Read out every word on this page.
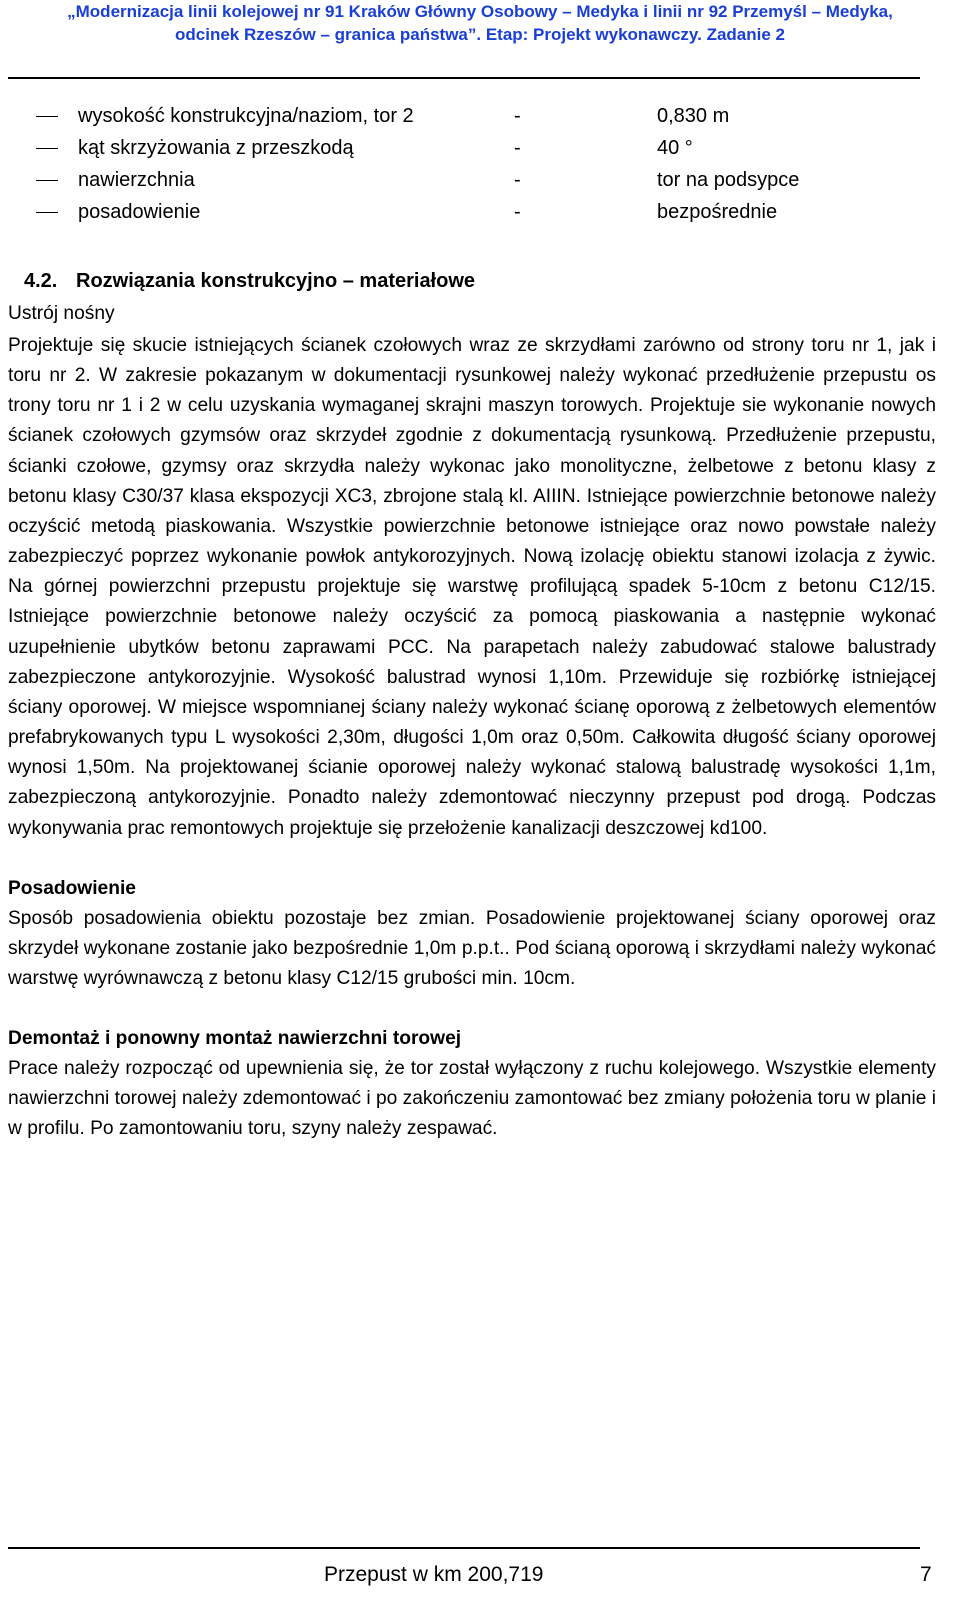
„Modernizacja linii kolejowej nr 91 Kraków Główny Osobowy – Medyka i linii nr 92 Przemyśl – Medyka,
odcinek Rzeszów – granica państwa”. Etap: Projekt wykonawczy. Zadanie 2
wysokość konstrukcyjna/naziom, tor 2	-	0,830 m
kąt skrzyżowania z przeszkodą	-	40 °
nawierzchnia	-	tor na podsypce
posadowienie	-	bezpośrednie
4.2. Rozwiązania konstrukcyjno – materiałowe

Ustrój nośny

Projektuje się skucie istniejących ścianek czołowych wraz ze skrzydłami zarówno od strony toru nr 1, jak i toru nr 2. W zakresie pokazanym w dokumentacji rysunkowej należy wykonać przedłużenie przepustu os trony toru nr 1 i 2 w celu uzyskania wymaganej skrajni maszyn torowych. Projektuje sie wykonanie nowych ścianek czołowych gzymsów oraz skrzydeł zgodnie z dokumentacją rysunkową. Przedłużenie przepustu, ścianki czołowe, gzymsy oraz skrzydła należy wykonac jako monolityczne, żelbetowe z betonu klasy z betonu klasy C30/37 klasa ekspozycji XC3, zbrojone stalą kl. AIIIN. Istniejące powierzchnie betonowe należy oczyścić metodą piaskowania. Wszystkie powierzchnie betonowe istniejące oraz nowo powstałe należy zabezpieczyć poprzez wykonanie powłok antykorozyjnych. Nową izolację obiektu stanowi izolacja z żywic. Na górnej powierzchni przepustu projektuje się warstwę profilującą spadek 5-10cm z betonu C12/15. Istniejące powierzchnie betonowe należy oczyścić za pomocą piaskowania a następnie wykonać uzupełnienie ubytków betonu zaprawami PCC. Na parapetach należy zabudować stalowe balustrady zabezpieczone antykorozyjnie. Wysokość balustrad wynosi 1,10m. Przewiduje się rozbiórkę istniejącej ściany oporowej. W miejsce wspomnianej ściany należy wykonać ścianę oporową z żelbetowych elementów prefabrykowanych typu L wysokości 2,30m, długości 1,0m oraz 0,50m. Całkowita długość ściany oporowej wynosi 1,50m. Na projektowanej ścianie oporowej należy wykonać stalową balustradę wysokości 1,1m, zabezpieczoną antykorozyjnie. Ponadto należy zdemontować nieczynny przepust pod drogą. Podczas wykonywania prac remontowych projektuje się przełożenie kanalizacji deszczowej kd100.

Posadowienie

Sposób posadowienia obiektu pozostaje bez zmian. Posadowienie projektowanej ściany oporowej oraz skrzydeł wykonane zostanie jako bezpośrednie 1,0m p.p.t.. Pod ścianą oporową i skrzydłami należy wykonać warstwę wyrównawczą z betonu klasy C12/15 grubości min. 10cm.

Demontaż i ponowny montaż nawierzchni torowej

Prace należy rozpocząć od upewnienia się, że tor został wyłączony z ruchu kolejowego. Wszystkie elementy nawierzchni torowej należy zdemontować i po zakończeniu zamontować bez zmiany położenia toru w planie i w profilu. Po zamontowaniu toru, szyny należy zespawać.

Przepust w km 200,719	7
